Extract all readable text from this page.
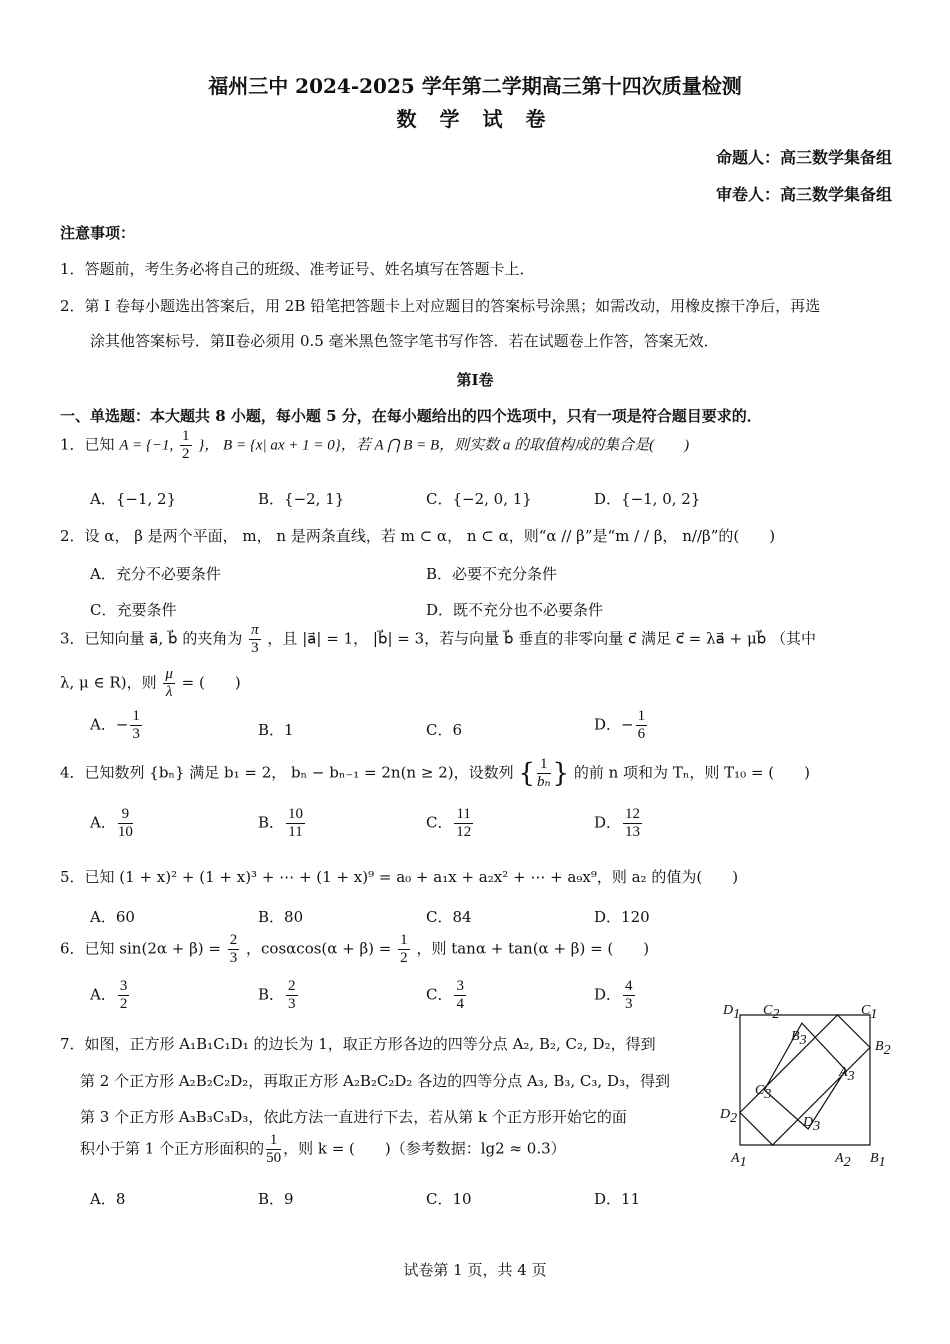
福州三中 2024-2025 学年第二学期高三第十四次质量检测
数 学 试 卷
命题人：高三数学集备组
审卷人：高三数学集备组
注意事项：
1．答题前，考生务必将自己的班级、准考证号、姓名填写在答题卡上．
2．第 I 卷每小题选出答案后，用 2B 铅笔把答题卡上对应题目的答案标号涂黑；如需改动，用橡皮擦干净后，再选
涂其他答案标号．第Ⅱ卷必须用 0.5 毫米黑色签字笔书写作答．若在试题卷上作答，答案无效．
第Ⅰ卷
一、单选题：本大题共 8 小题，每小题 5 分，在每小题给出的四个选项中，只有一项是符合题目要求的．
1．已知 A = {−1, $\frac{1}{2}$ }， B = {x| ax + 1 = 0}，若 A ⋂ B = B，则实数 a 的取值构成的集合是(　　)
A．{−1, 2}	B．{−2, 1}	C．{−2, 0, 1}	D．{−1, 0, 2}
2．设 α， β 是两个平面， m， n 是两条直线，若 m ⊂ α， n ⊂ α，则“α // β”是“m / / β， n//β”的(　　)
A．充分不必要条件	B．必要不充分条件
C．充要条件	D．既不充分也不必要条件
3．已知向量 a⃗, b⃗ 的夹角为 $\frac{\pi}{3}$ ，且 |a⃗| = 1， |b⃗| = 3，若与向量 b⃗ 垂直的非零向量 c⃗ 满足 c⃗ = λa⃗ + μb⃗ （其中
λ, μ ∈ R)，则 $\frac{\mu}{\lambda}$ = (　　)
A．− $\frac{1}{3}$	B．1	C．6	D．− $\frac{1}{6}$
4．已知数列 {bₙ} 满足 b₁ = 2， bₙ − bₙ₋₁ = 2n(n ≥ 2)，设数列 { $\frac{1}{\text{bₙ}}$ } 的前 n 项和为 Tₙ，则 T₁₀ = (　　)
A． $\frac{9}{10}$	B． $\frac{10}{11}$	C． $\frac{11}{12}$	D． $\frac{12}{13}$
5．已知 (1 + x)² + (1 + x)³ + ⋯ + (1 + x)⁹ = a₀ + a₁x + a₂x² + ⋯ + a₉x⁹，则 a₂ 的值为(　　)
A．60	B．80	C．84	D．120
6．已知 $\sin(2\alpha + \beta) = \frac{2}{3}$ ，$\cos\alpha\cos(\alpha + \beta) = \frac{1}{2}$ ，则 tanα + tan(α + β) = (　　)
A． $\frac{3}{2}$	B． $\frac{2}{3}$	C． $\frac{3}{4}$	D． $\frac{4}{3}$
7．如图，正方形 A₁B₁C₁D₁ 的边长为 1，取正方形各边的四等分点 A₂, B₂, C₂, D₂，得到
第 2 个正方形 A₂B₂C₂D₂，再取正方形 A₂B₂C₂D₂ 各边的四等分点 A₃, B₃, C₃, D₃，得到
第 3 个正方形 A₃B₃C₃D₃，依此方法一直进行下去，若从第 k 个正方形开始它的面
积小于第 1 个正方形面积的 $\frac{1}{50}$ ，则 k = (　　)（参考数据：lg2 ≈ 0.3）
A．8	B．9	C．10	D．11
D1 C2	C1
B3	B2
A3
C3
D2	D3
A1	A2 B1
试卷第 1 页，共 4 页
